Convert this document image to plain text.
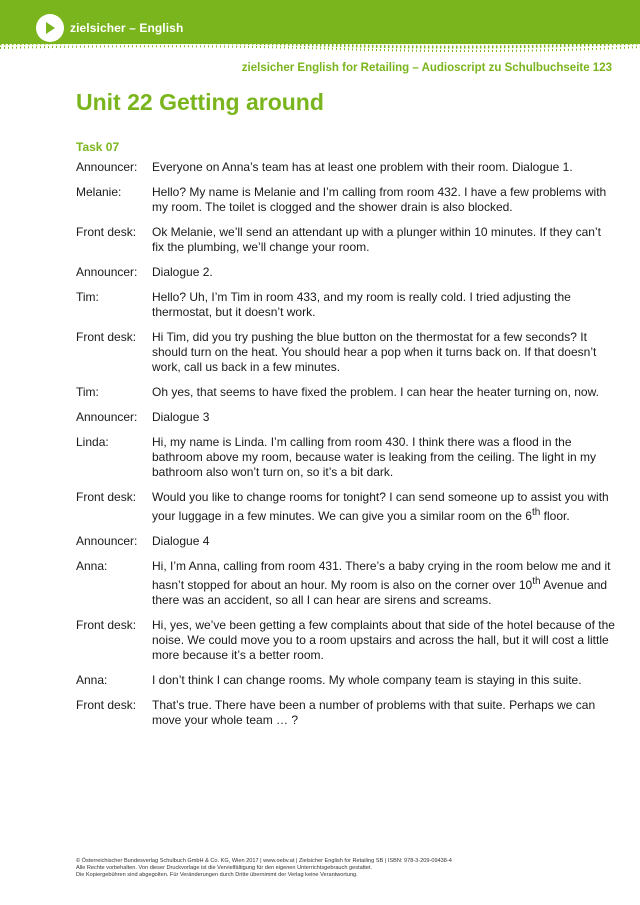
zielsicher – English
zielsicher English for Retailing – Audioscript zu Schulbuchseite 123
Unit 22 Getting around
Task 07
Announcer:	Everyone on Anna’s team has at least one problem with their room. Dialogue 1.
Melanie:	Hello? My name is Melanie and I’m calling from room 432. I have a few problems with my room. The toilet is clogged and the shower drain is also blocked.
Front desk:	Ok Melanie, we’ll send an attendant up with a plunger within 10 minutes. If they can’t fix the plumbing, we’ll change your room.
Announcer:	Dialogue 2.
Tim:	Hello? Uh, I’m Tim in room 433, and my room is really cold. I tried adjusting the thermostat, but it doesn’t work.
Front desk:	Hi Tim, did you try pushing the blue button on the thermostat for a few seconds? It should turn on the heat. You should hear a pop when it turns back on. If that doesn’t work, call us back in a few minutes.
Tim:	Oh yes, that seems to have fixed the problem. I can hear the heater turning on, now.
Announcer:	Dialogue 3
Linda:	Hi, my name is Linda. I’m calling from room 430. I think there was a flood in the bathroom above my room, because water is leaking from the ceiling. The light in my bathroom also won’t turn on, so it’s a bit dark.
Front desk:	Would you like to change rooms for tonight? I can send someone up to assist you with your luggage in a few minutes. We can give you a similar room on the 6th floor.
Announcer:	Dialogue 4
Anna:	Hi, I’m Anna, calling from room 431. There’s a baby crying in the room below me and it hasn’t stopped for about an hour. My room is also on the corner over 10th Avenue and there was an accident, so all I can hear are sirens and screams.
Front desk:	Hi, yes, we’ve been getting a few complaints about that side of the hotel because of the noise. We could move you to a room upstairs and across the hall, but it will cost a little more because it’s a better room.
Anna:	I don’t think I can change rooms. My whole company team is staying in this suite.
Front desk:	That’s true. There have been a number of problems with that suite. Perhaps we can move your whole team … ?
© Österreichischer Bundesverlag Schulbuch GmbH & Co. KG, Wien 2017 | www.oebv.at | Zielsicher English for Retailing SB | ISBN: 978-3-209-09438-4
Alle Rechte vorbehalten. Von dieser Druckvorlage ist die Vervielfältigung für den eigenen Unterrichtsgebrauch gestattet.
Die Kopiergebühren sind abgegolten. Für Veränderungen durch Dritte übernimmt der Verlag keine Verantwortung.
